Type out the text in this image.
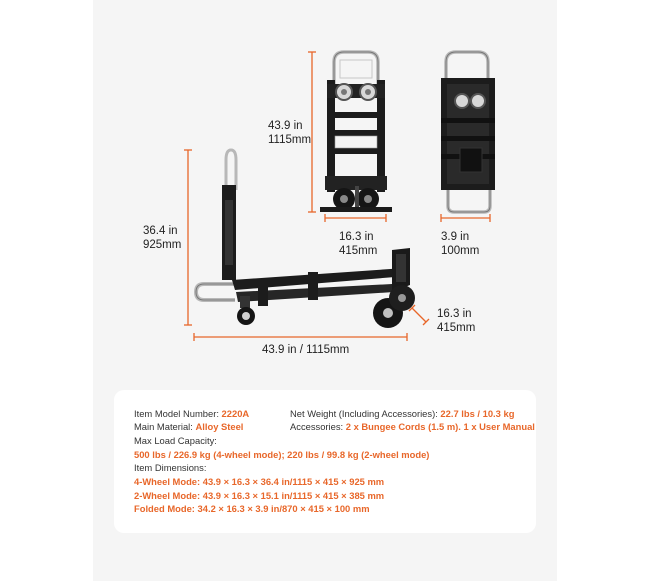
43.9 in
1115mm
16.3 in
415mm
3.9 in
100mm
36.4 in
925mm
16.3 in
415mm
43.9 in / 1115mm
Item Model Number: 2220A	Net Weight (Including Accessories): 22.7 lbs / 10.3 kg
Main Material: Alloy Steel	Accessories: 2 x Bungee Cords (1.5 m). 1 x User Manual
Max Load Capacity:
500 lbs / 226.9 kg (4-wheel mode); 220 lbs / 99.8 kg (2-wheel mode)
Item Dimensions:
4-Wheel Mode: 43.9 × 16.3 × 36.4 in/1115 × 415 × 925 mm
2-Wheel Mode: 43.9 × 16.3 × 15.1 in/1115 × 415 × 385 mm
Folded Mode: 34.2 × 16.3 × 3.9 in/870 × 415 × 100 mm
